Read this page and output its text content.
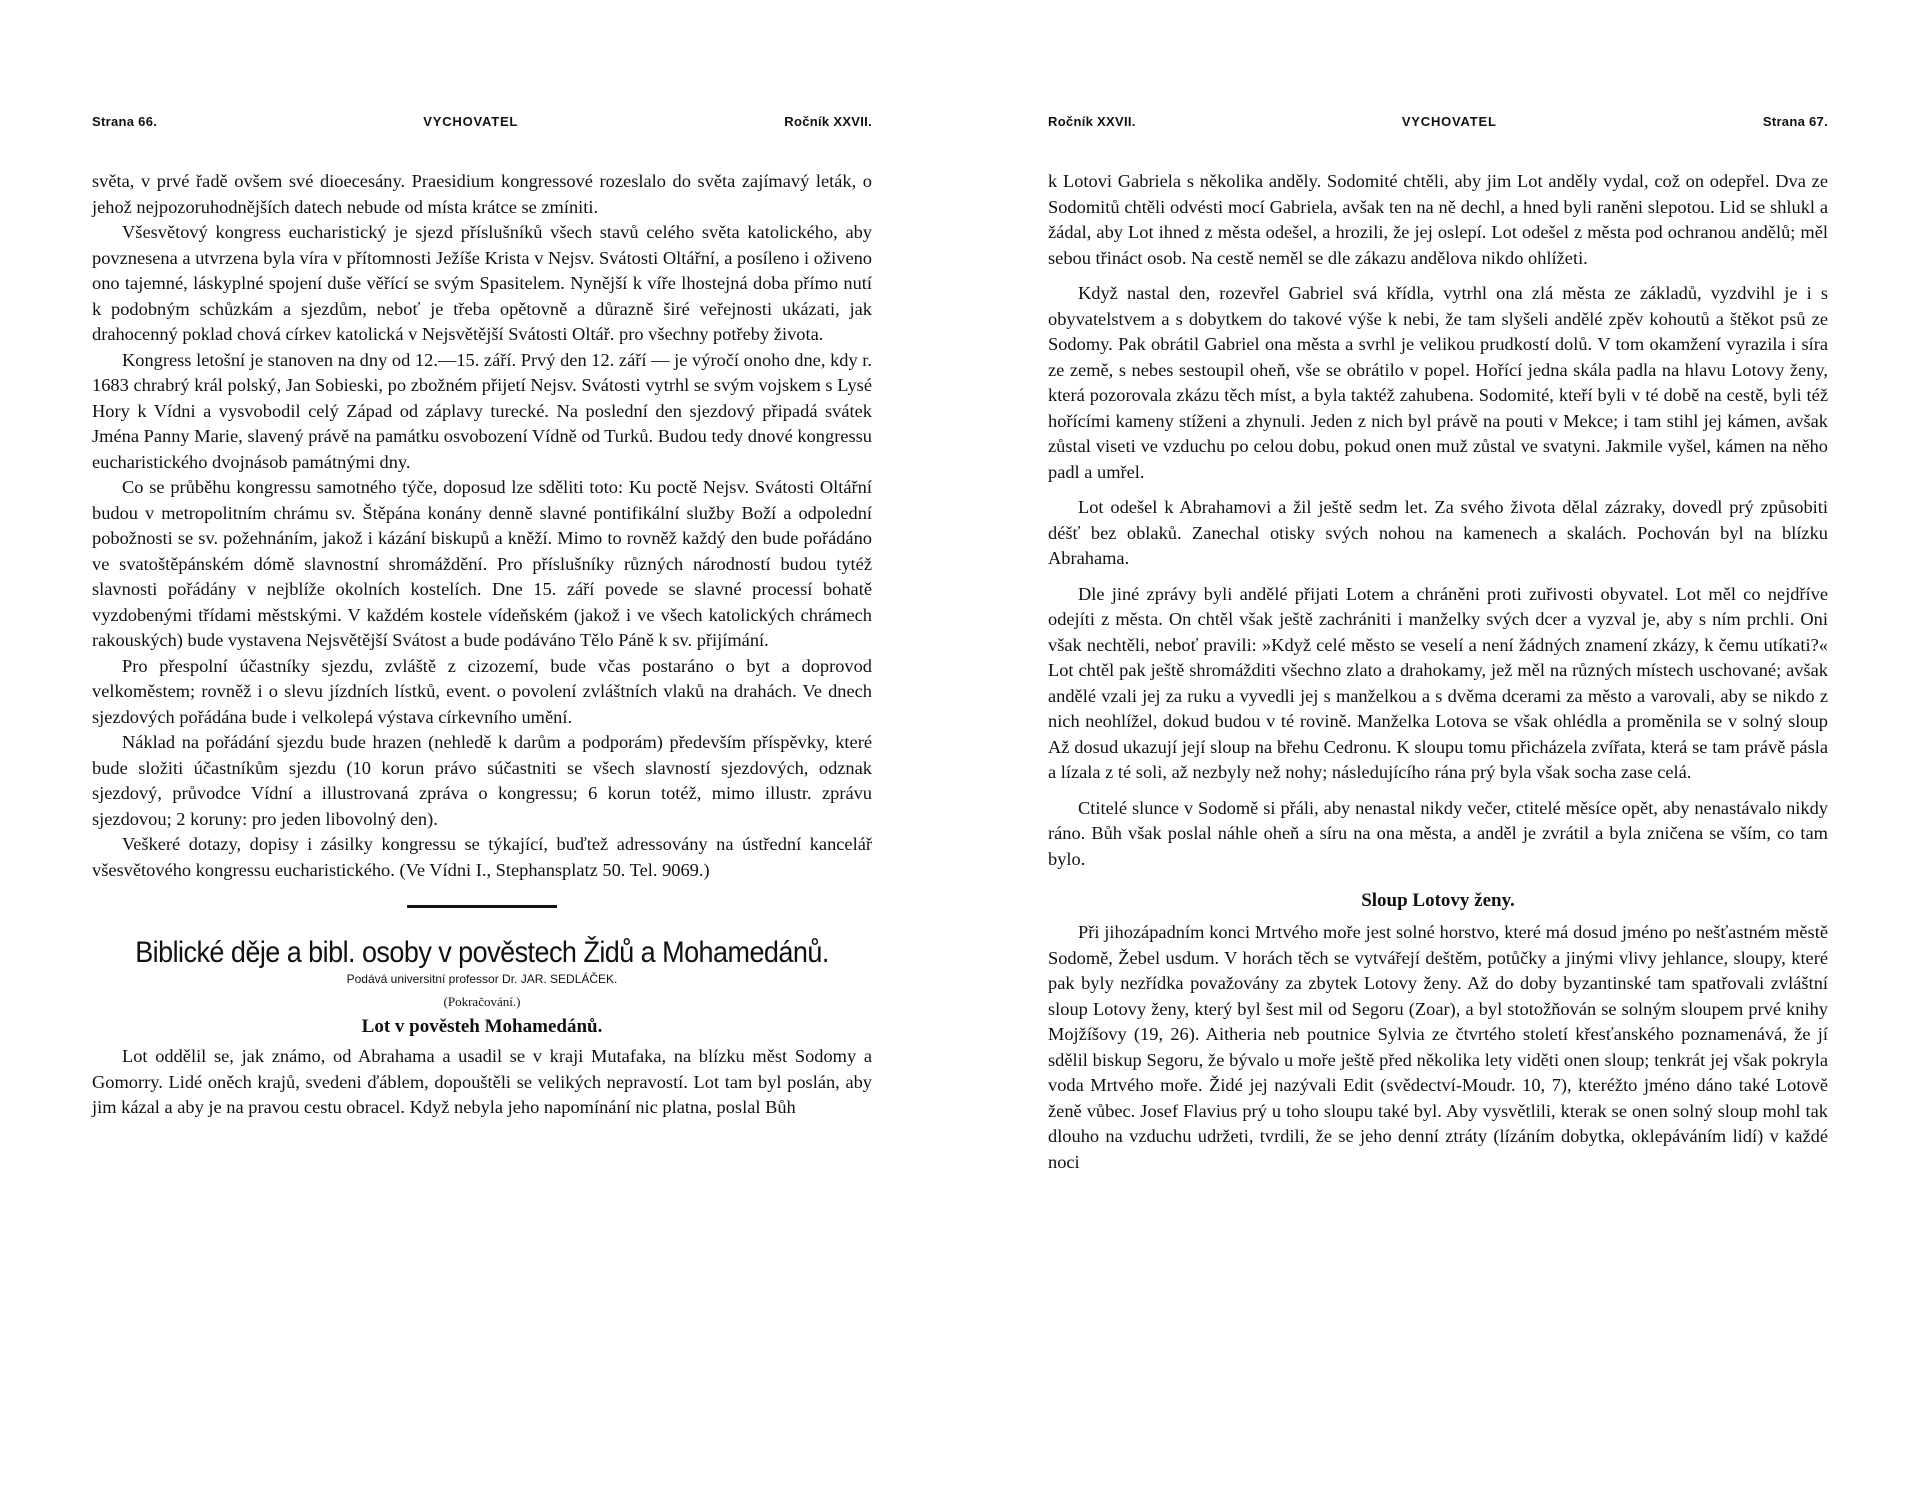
Strana 66.	VYCHOVATEL	Ročník XXVII.

světa, v prvé řadě ovšem své dioecesány. Praesidium kongressové rozeslalo do světa zajímavý leták, o jehož nejpozoruhodnějších datech nebude od místa krátce se zmíniti.

Všesvětový kongress eucharistický je sjezd příslušníků všech stavů celého světa katolického, aby povznesena a utvrzena byla víra v přítomnosti Ježíše Krista v Nejsv. Svátosti Oltářní, a posíleno i oživeno ono tajemné, láskyplné spojení duše věřící se svým Spasitelem. Nynější k víře lhostejná doba přímo nutí k podobným schůzkám a sjezdům, neboť je třeba opětovně a důrazně širé veřejnosti ukázati, jak drahocenný poklad chová církev katolická v Nejsvětější Svátosti Oltář. pro všechny potřeby života.

Kongress letošní je stanoven na dny od 12.—15. září. Prvý den 12. září — je výročí onoho dne, kdy r. 1683 chrabrý král polský, Jan Sobieski, po zbožném přijetí Nejsv. Svátosti vytrhl se svým vojskem s Lysé Hory k Vídni a vysvobodil celý Západ od záplavy turecké. Na poslední den sjezdový připadá svátek Jména Panny Marie, slavený právě na památku osvobození Vídně od Turků. Budou tedy dnové kongressu eucharistického dvojnásob památnými dny.

Co se průběhu kongressu samotného týče, doposud lze sděliti toto: Ku poctě Nejsv. Svátosti Oltářní budou v metropolitním chrámu sv. Štěpána konány denně slavné pontifikální služby Boží a odpolední pobožnosti se sv. požehnáním, jakož i kázání biskupů a kněží. Mimo to rovněž každý den bude pořádáno ve svatoštěpánském dómě slavnostní shromáždění. Pro příslušníky různých národností budou tytéž slavnosti pořádány v nejblíže okolních kostelích. Dne 15. září povede se slavné processí bohatě vyzdobenými třídami městskými. V každém kostele vídeňském (jakož i ve všech katolických chrámech rakouských) bude vystavena Nejsvětější Svátost a bude podáváno Tělo Páně k sv. přijímání.

Pro přespolní účastníky sjezdu, zvláště z cizozemí, bude včas postaráno o byt a doprovod velkoměstem; rovněž i o slevu jízdních lístků, event. o povolení zvláštních vlaků na drahách. Ve dnech sjezdových pořádána bude i velkolepá výstava církevního umění.

Náklad na pořádání sjezdu bude hrazen (nehledě k darům a podporám) především příspěvky, které bude složiti účastníkům sjezdu (10 korun právo súčastniti se všech slavností sjezdových, odznak sjezdový, průvodce Vídní a illustrovaná zpráva o kongressu; 6 korun totéž, mimo illustr. zprávu sjezdovou; 2 koruny: pro jeden libovolný den).

Veškeré dotazy, dopisy i zásilky kongressu se týkající, buďtež adressovány na ústřední kancelář všesvětového kongressu eucharistického. (Ve Vídni I., Stephansplatz 50. Tel. 9069.)

Biblické děje a bibl. osoby v pověstech Židů a Mohamedánů.
Podává universitní professor Dr. JAR. SEDLÁČEK.
(Pokračování.)
Lot v pověsteh Mohamedánů.

Lot oddělil se, jak známo, od Abrahama a usadil se v kraji Mutafaka, na blízku měst Sodomy a Gomorry. Lidé oněch krajů, svedeni ďáblem, dopouštěli se velikých nepravostí. Lot tam byl poslán, aby jim kázal a aby je na pravou cestu obracel. Když nebyla jeho napomínání nic platna, poslal Bůh

Ročník XXVII.	VYCHOVATEL	Strana 67.

k Lotovi Gabriela s několika anděly. Sodomité chtěli, aby jim Lot anděly vydal, což on odepřel. Dva ze Sodomitů chtěli odvésti mocí Gabriela, avšak ten na ně dechl, a hned byli raněni slepotou. Lid se shlukl a žádal, aby Lot ihned z města odešel, a hrozili, že jej oslepí. Lot odešel z města pod ochranou andělů; měl sebou třináct osob. Na cestě neměl se dle zákazu andělova nikdo ohlížeti.

Když nastal den, rozevřel Gabriel svá křídla, vytrhl ona zlá města ze základů, vyzdvihl je i s obyvatelstvem a s dobytkem do takové výše k nebi, že tam slyšeli andělé zpěv kohoutů a štěkot psů ze Sodomy. Pak obrátil Gabriel ona města a svrhl je velikou prudkostí dolů. V tom okamžení vyrazila i síra ze země, s nebes sestoupil oheň, vše se obrátilo v popel. Hořící jedna skála padla na hlavu Lotovy ženy, která pozorovala zkázu těch míst, a byla taktéž zahubena. Sodomité, kteří byli v té době na cestě, byli též hořícími kameny stíženi a zhynuli. Jeden z nich byl právě na pouti v Mekce; i tam stihl jej kámen, avšak zůstal viseti ve vzduchu po celou dobu, pokud onen muž zůstal ve svatyni. Jakmile vyšel, kámen na něho padl a umřel.

Lot odešel k Abrahamovi a žil ještě sedm let. Za svého života dělal zázraky, dovedl prý způsobiti déšť bez oblaků. Zanechal otisky svých nohou na kamenech a skalách. Pochován byl na blízku Abrahama.

Dle jiné zprávy byli andělé přijati Lotem a chráněni proti zuřivosti obyvatel. Lot měl co nejdříve odejíti z města. On chtěl však ještě zachrániti i manželky svých dcer a vyzval je, aby s ním prchli. Oni však nechtěli, neboť pravili: »Když celé město se veselí a není žádných znamení zkázy, k čemu utíkati?« Lot chtěl pak ještě shromážditi všechno zlato a drahokamy, jež měl na různých místech uschované; avšak andělé vzali jej za ruku a vyvedli jej s manželkou a s dvěma dcerami za město a varovali, aby se nikdo z nich neohlížel, dokud budou v té rovině. Manželka Lotova se však ohlédla a proměnila se v solný sloup Až dosud ukazují její sloup na břehu Cedronu. K sloupu tomu přicházela zvířata, která se tam právě pásla a lízala z té soli, až nezbyly než nohy; následujícího rána prý byla však socha zase celá.

Ctitelé slunce v Sodomě si přáli, aby nenastal nikdy večer, ctitelé měsíce opět, aby nenastávalo nikdy ráno. Bůh však poslal náhle oheň a síru na ona města, a anděl je zvrátil a byla zničena se vším, co tam bylo.

Sloup Lotovy ženy.

Při jihozápadním konci Mrtvého moře jest solné horstvo, které má dosud jméno po nešťastném městě Sodomě, Žebel usdum. V horách těch se vytvářejí deštěm, potůčky a jinými vlivy jehlance, sloupy, které pak byly nezřídka považovány za zbytek Lotovy ženy. Až do doby byzantinské tam spatřovali zvláštní sloup Lotovy ženy, který byl šest mil od Segoru (Zoar), a byl stotožňován se solným sloupem prvé knihy Mojžíšovy (19, 26). Aitheria neb poutnice Sylvia ze čtvrtého století křesťanského poznamenává, že jí sdělil biskup Segoru, že bývalo u moře ještě před několika lety viděti onen sloup; tenkrát jej však pokryla voda Mrtvého moře. Židé jej nazývali Edit (svědectví-Moudr. 10, 7), kteréžto jméno dáno také Lotově ženě vůbec. Josef Flavius prý u toho sloupu také byl. Aby vysvětlili, kterak se onen solný sloup mohl tak dlouho na vzduchu udržeti, tvrdili, že se jeho denní ztráty (lízáním dobytka, oklepáváním lidí) v každé noci
